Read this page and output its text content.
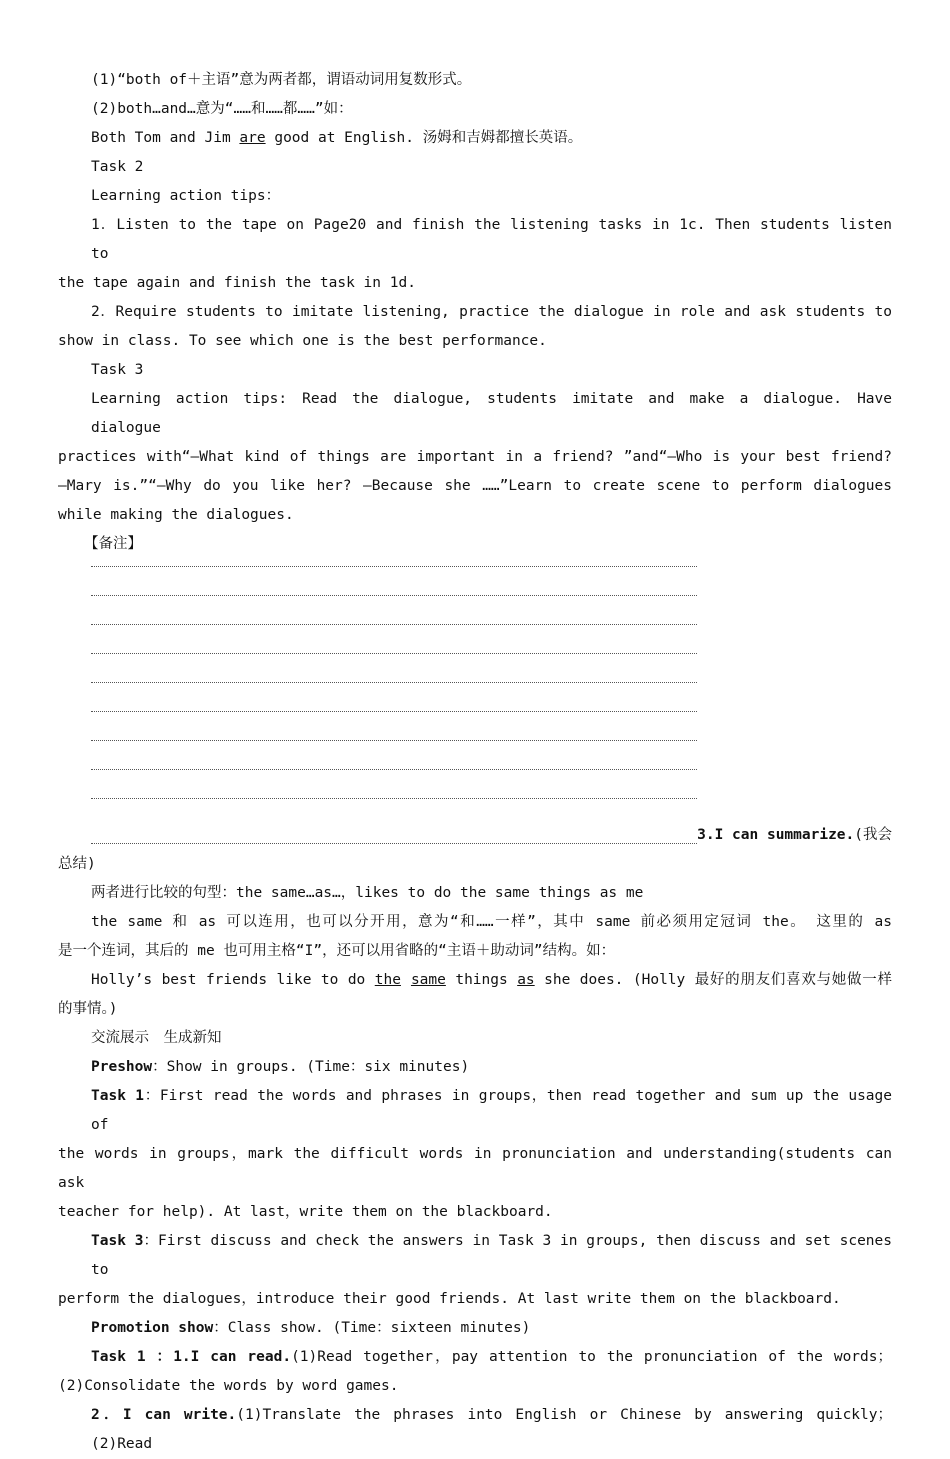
(1)“both of＋主语”意为两者都，谓语动词用复数形式。

(2)both…and…意为“……和……都……”如：

Both Tom and Jim are good at English. 汤姆和吉姆都擅长英语。

Task 2

Learning action tips：

1．Listen to the tape on Page20 and finish the listening tasks in 1c. Then students listen to

the tape again and finish the task in 1d.

2．Require students to imitate listening, practice the dialogue in role and ask students to

show in class. To see which one is the best performance.

Task 3

Learning action tips: Read the dialogue, students imitate and make a dialogue. Have dialogue

practices with“—What kind of things are important in a friend? ”and“—Who is your best friend?

—Mary is.”“—Why do you like her? —Because she ……”Learn to create scene to perform dialogues

while making the dialogues.

【备注】

3.I can summarize.(我会

总结)

两者进行比较的句型：the same…as…，likes to do the same things as me

the same 和 as 可以连用，也可以分开用，意为“和……一样”，其中 same 前必须用定冠词 the。 这里的 as

是一个连词，其后的 me 也可用主格“I”，还可以用省略的“主语＋助动词”结构。如：

Holly’s best friends like to do the same things as she does. (Holly 最好的朋友们喜欢与她做一样

的事情。)

交流展示　生成新知

Preshow：Show in groups. (Time：six minutes)

Task 1：First read the words and phrases in groups，then read together and sum up the usage of

the words in groups，mark the difficult words in pronunciation and understanding(students can ask

teacher for help). At last，write them on the blackboard.

Task 3：First discuss and check the answers in Task 3 in groups, then discuss and set scenes to

perform the dialogues，introduce their good friends. At last write them on the blackboard.

Promotion show：Class show. (Time：sixteen minutes)

Task 1 ：1.I can read.(1)Read together，pay attention to the pronunciation of the words；

(2)Consolidate the words by word games.

2．I can write.(1)Translate the phrases into English or Chinese by answering quickly；(2)Read
